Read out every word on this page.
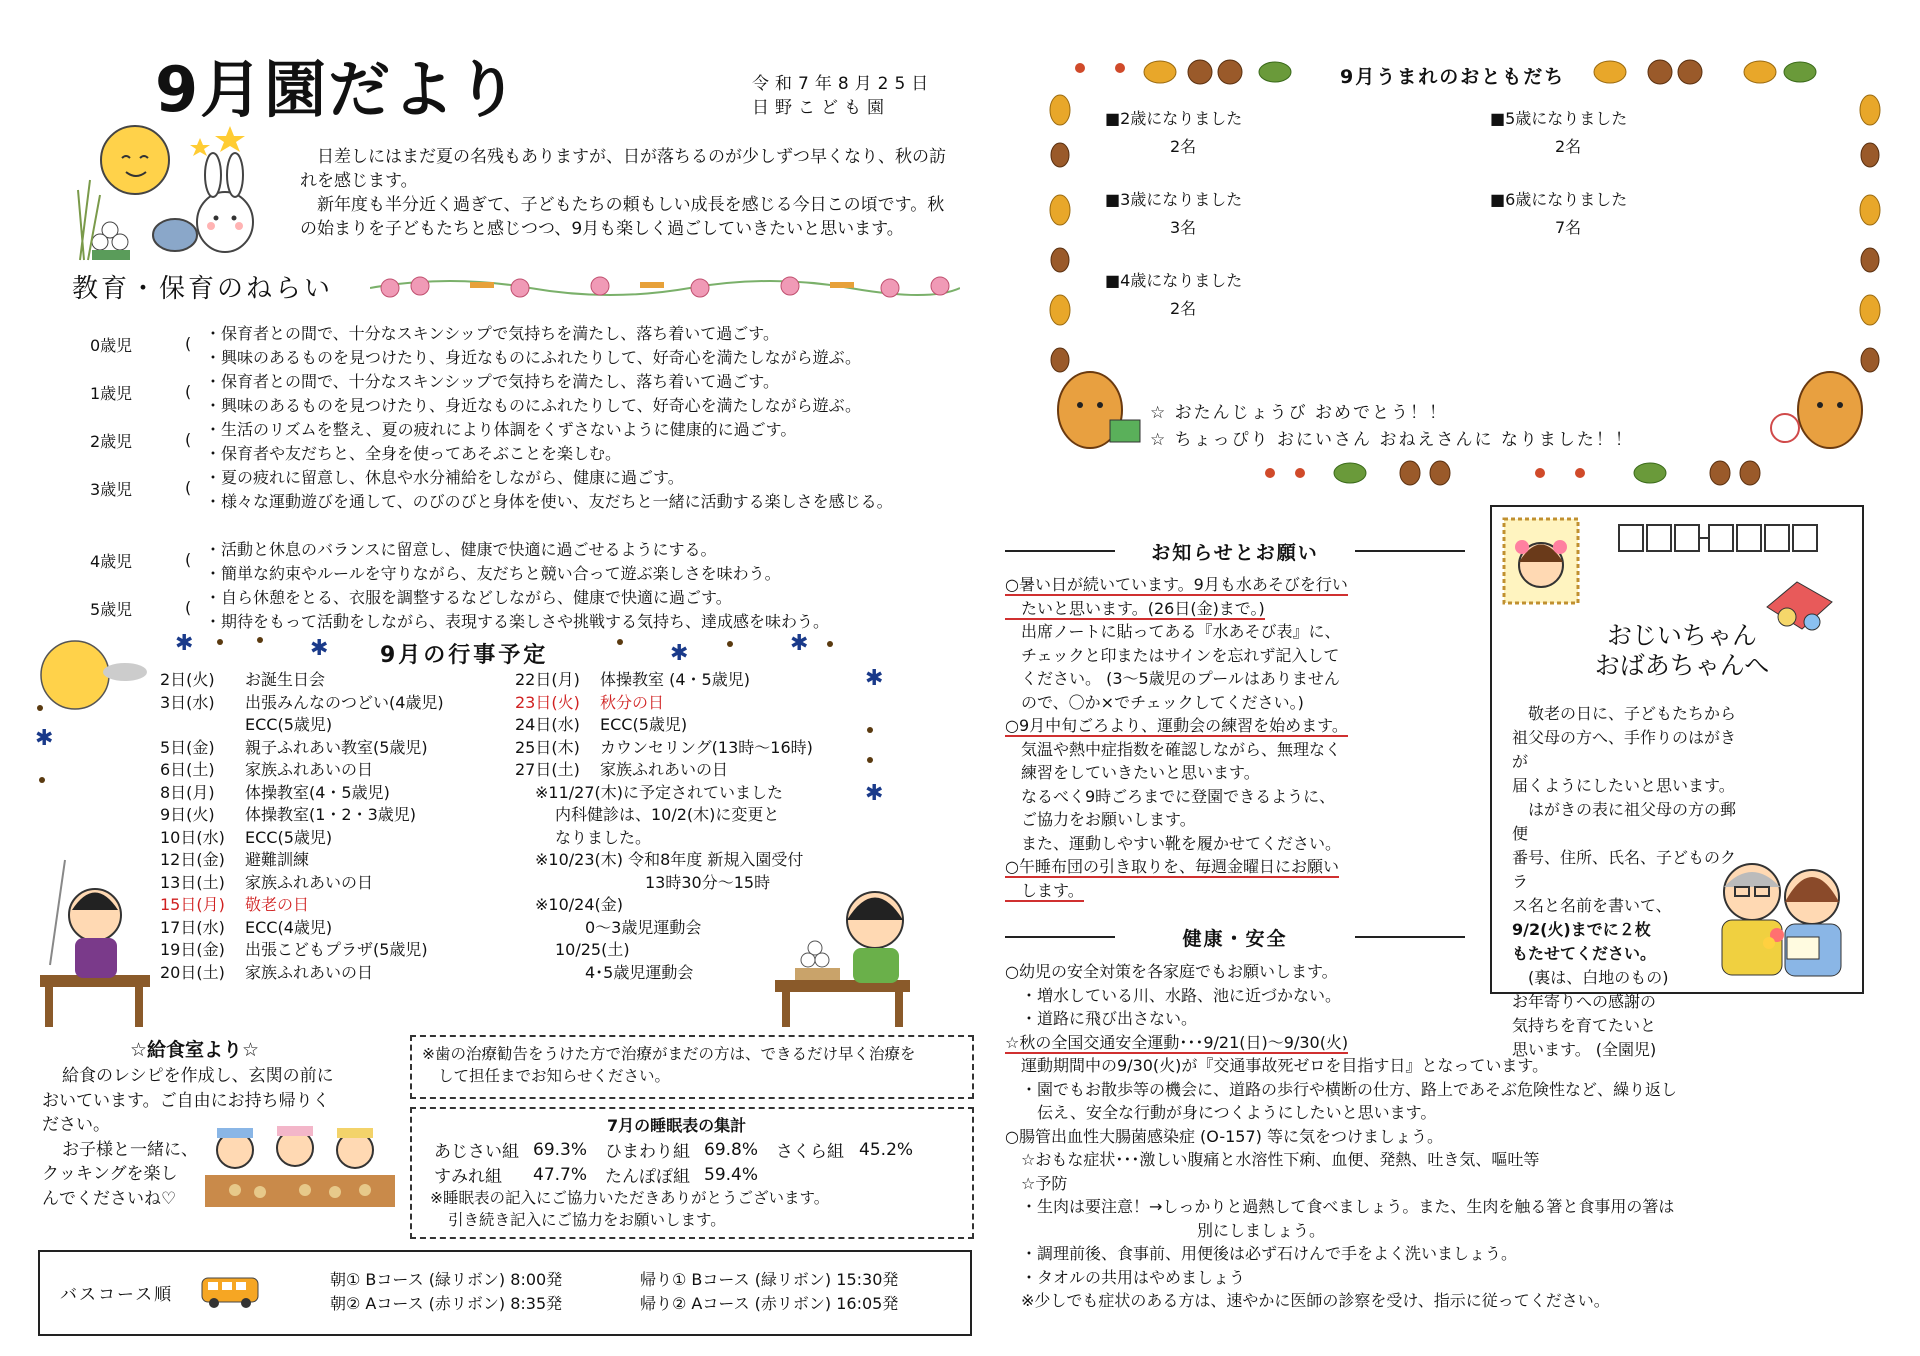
9月園だより	令和7年8月25日
日野こども園

日差しにはまだ夏の名残もありますが、日が落ちるのが少しずつ早くなり、秋の訪れを感じます。

新年度も半分近く過ぎて、子どもたちの頼もしい成長を感じる今日この頃です。秋の始まりを子どもたちと感じつつ、9月も楽しく過ごしていきたいと思います。

教育・保育のねらい
0歳児	(
・保育者との間で、十分なスキンシップで気持ちを満たし、落ち着いて過ごす。
・興味のあるものを見つけたり、身近なものにふれたりして、好奇心を満たしながら遊ぶ。
1歳児	(
・保育者との間で、十分なスキンシップで気持ちを満たし、落ち着いて過ごす。
・興味のあるものを見つけたり、身近なものにふれたりして、好奇心を満たしながら遊ぶ。
2歳児	(
・生活のリズムを整え、夏の疲れにより体調をくずさないように健康的に過ごす。
・保育者や友だちと、全身を使ってあそぶことを楽しむ。
3歳児	(
・夏の疲れに留意し、休息や水分補給をしながら、健康に過ごす。
・様々な運動遊びを通して、のびのびと身体を使い、友だちと一緒に活動する楽しさを感じる。
4歳児	(
・活動と休息のバランスに留意し、健康で快適に過ごせるようにする。
・簡単な約束やルールを守りながら、友だちと競い合って遊ぶ楽しさを味わう。
5歳児	(
・自ら休憩をとる、衣服を調整するなどしながら、健康で快適に過ごす。
・期待をもって活動をしながら、表現する楽しさや挑戦する気持ち、達成感を味わう。
✱	✱	✱	✱
✱
✱
✱
9月の行事予定
2日(火) お誕生日会
3日(水) 出張みんなのつどい(4歳児)
ECC(5歳児)
5日(金) 親子ふれあい教室(5歳児)
6日(土) 家族ふれあいの日
8日(月) 体操教室(4・5歳児)
9日(火) 体操教室(1・2・3歳児)
10日(水) ECC(5歳児)
12日(金) 避難訓練
13日(土) 家族ふれあいの日
15日(月) 敬老の日
17日(水) ECC(4歳児)
19日(金) 出張こどもプラザ(5歳児)
20日(土) 家族ふれあいの日
22日(月) 体操教室 (4・5歳児)
23日(火) 秋分の日
24日(水) ECC(5歳児)
25日(木) カウンセリング(13時～16時)
27日(土) 家族ふれあいの日
※11/27(木)に予定されていました
内科健診は、10/2(木)に変更と
なりました。
※10/23(木) 令和8年度 新規入園受付
13時30分～15時
※10/24(金)
0～3歳児運動会
10/25(土)
4･5歳児運動会
☆給食室より☆
給食のレシピを作成し、玄関の前に
おいています。ご自由にお持ち帰りく
ださい。
お子様と一緒に、
クッキングを楽し
んでくださいね♡
※歯の治療勧告をうけた方で治療がまだの方は、できるだけ早く治療を
して担任までお知らせください。
7月の睡眠表の集計
あじさい組	69.3%	ひまわり組	69.8%	さくら組	45.2%
すみれ組	47.7%	たんぽぽ組	59.4%		
※睡眠表の記入にご協力いただきありがとうございます。
引き続き記入にご協力をお願いします。
バスコース順
朝① Bコース (緑リボン) 8:00発
朝② Aコース (赤リボン) 8:35発
帰り① Bコース (緑リボン) 15:30発
帰り② Aコース (赤リボン) 16:05発
9月うまれのおともだち
■2歳になりました
2名
■5歳になりました
2名
■3歳になりました
3名
■6歳になりました
7名
■4歳になりました
2名
☆ おたんじょうび おめでとう！！
☆ ちょっぴり おにいさん おねえさんに なりました！！
お知らせとお願い
○暑い日が続いています。9月も水あそびを行い
　たいと思います。(26日(金)まで。)
　出席ノートに貼ってある『水あそび表』に、
　チェックと印またはサインを忘れず記入して
　ください。 (3～5歳児のプールはありません
　ので、〇か×でチェックしてください。)
○9月中旬ごろより、運動会の練習を始めます。
　気温や熱中症指数を確認しながら、無理なく
　練習をしていきたいと思います。
　なるべく9時ごろまでに登園できるように、
　ご協力をお願いします。
　また、運動しやすい靴を履かせてください。
○午睡布団の引き取りを、毎週金曜日にお願い
　します。
健康・安全
○幼児の安全対策を各家庭でもお願いします。
　・増水している川、水路、池に近づかない。
　・道路に飛び出さない。
☆秋の全国交通安全運動･･･9/21(日)～9/30(火)
　運動期間中の9/30(火)が『交通事故死ゼロを目指す日』となっています。
　・園でもお散歩等の機会に、道路の歩行や横断の仕方、路上であそぶ危険性など、繰り返し
　　伝え、安全な行動が身につくようにしたいと思います。
○腸管出血性大腸菌感染症 (O-157) 等に気をつけましょう。
　☆おもな症状･･･激しい腹痛と水溶性下痢、血便、発熱、吐き気、嘔吐等
　☆予防
　・生肉は要注意！→しっかりと過熱して食べましょう。また、生肉を触る箸と食事用の箸は
　　　　　　　　　　　　別にしましょう。
　・調理前後、食事前、用便後は必ず石けんで手をよく洗いましょう。
　・タオルの共用はやめましょう
　※少しでも症状のある方は、速やかに医師の診察を受け、指示に従ってください。
おじいちゃん
おばあちゃんへ
　敬老の日に、子どもたちから
祖父母の方へ、手作りのはがきが
届くようにしたいと思います。
　はがきの表に祖父母の方の郵便
番号、住所、氏名、子どものクラ
ス名と名前を書いて、
9/2(火)までに２枚
もたせてください。
　(裏は、白地のもの)
お年寄りへの感謝の
気持ちを育てたいと
思います。 (全園児)
